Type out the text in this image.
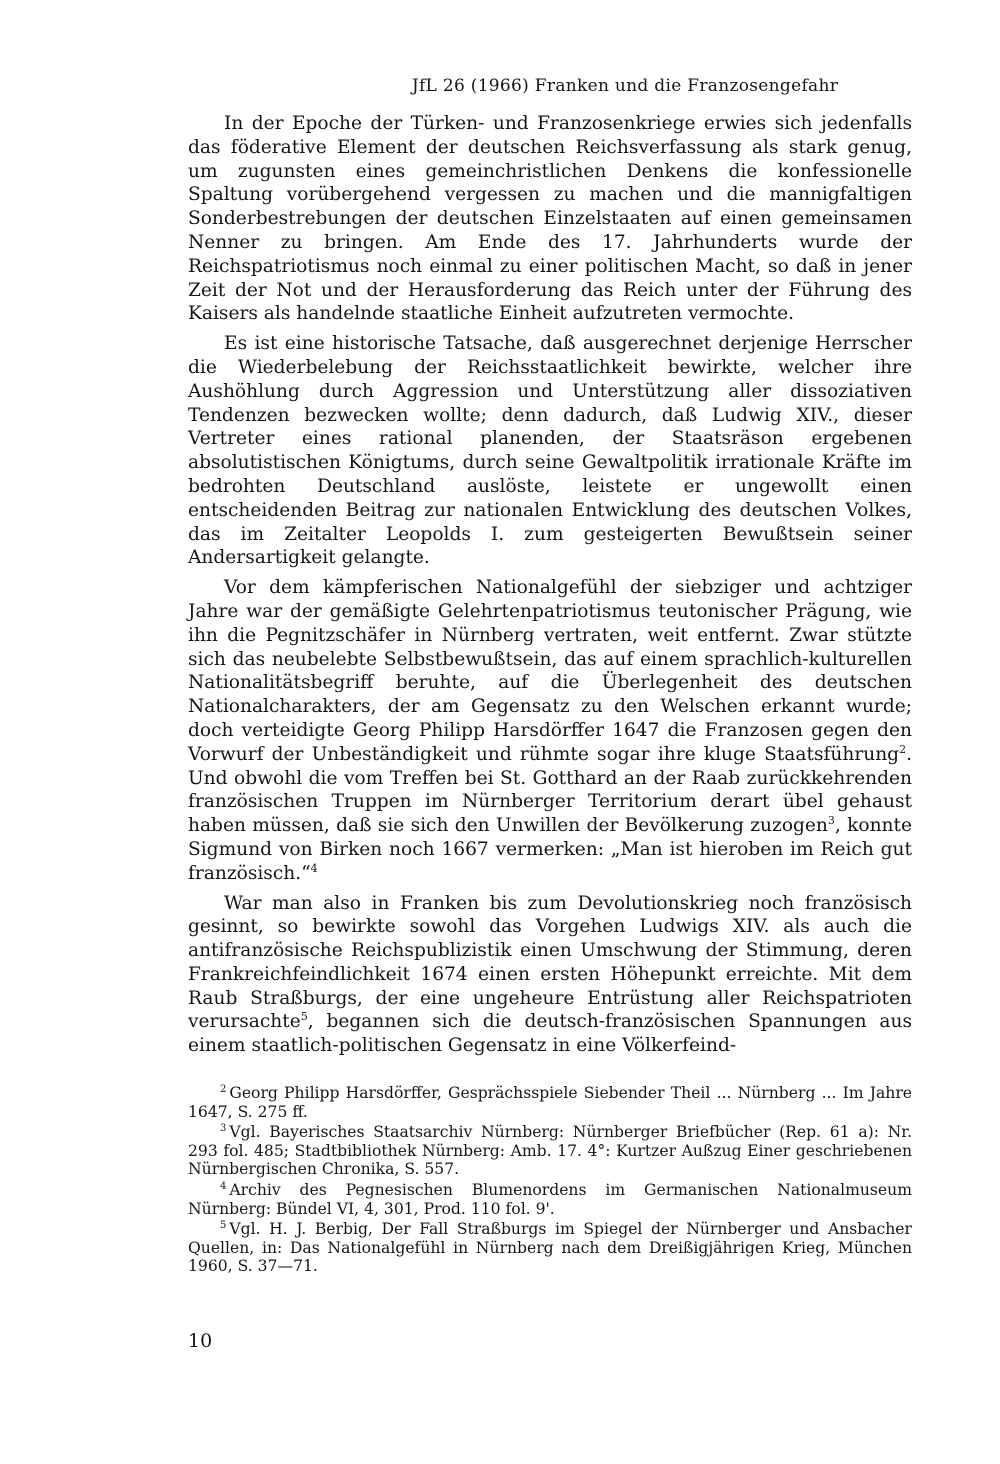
JfL 26 (1966) Franken und die Franzosengefahr

In der Epoche der Türken- und Franzosenkriege erwies sich jedenfalls das föderative Element der deutschen Reichsverfassung als stark genug, um zugunsten eines gemeinchristlichen Denkens die konfessionelle Spaltung vorübergehend vergessen zu machen und die mannigfaltigen Sonderbestrebungen der deutschen Einzelstaaten auf einen gemeinsamen Nenner zu bringen. Am Ende des 17. Jahrhunderts wurde der Reichspatriotismus noch einmal zu einer politischen Macht, so daß in jener Zeit der Not und der Herausforderung das Reich unter der Führung des Kaisers als handelnde staatliche Einheit aufzutreten vermochte.

Es ist eine historische Tatsache, daß ausgerechnet derjenige Herrscher die Wiederbelebung der Reichsstaatlichkeit bewirkte, welcher ihre Aushöhlung durch Aggression und Unterstützung aller dissoziativen Tendenzen bezwecken wollte; denn dadurch, daß Ludwig XIV., dieser Vertreter eines rational planenden, der Staatsräson ergebenen absolutistischen Königtums, durch seine Gewaltpolitik irrationale Kräfte im bedrohten Deutschland auslöste, leistete er ungewollt einen entscheidenden Beitrag zur nationalen Entwicklung des deutschen Volkes, das im Zeitalter Leopolds I. zum gesteigerten Bewußtsein seiner Andersartigkeit gelangte.

Vor dem kämpferischen Nationalgefühl der siebziger und achtziger Jahre war der gemäßigte Gelehrtenpatriotismus teutonischer Prägung, wie ihn die Pegnitzschäfer in Nürnberg vertraten, weit entfernt. Zwar stützte sich das neubelebte Selbstbewußtsein, das auf einem sprachlich-kulturellen Nationalitätsbegriff beruhte, auf die Überlegenheit des deutschen Nationalcharakters, der am Gegensatz zu den Welschen erkannt wurde; doch verteidigte Georg Philipp Harsdörffer 1647 die Franzosen gegen den Vorwurf der Unbeständigkeit und rühmte sogar ihre kluge Staatsführung$^2$. Und obwohl die vom Treffen bei St. Gotthard an der Raab zurückkehrenden französischen Truppen im Nürnberger Territorium derart übel gehaust haben müssen, daß sie sich den Unwillen der Bevölkerung zuzogen$^3$, konnte Sigmund von Birken noch 1667 vermerken: „Man ist hieroben im Reich gut französisch.“$^4$

War man also in Franken bis zum Devolutionskrieg noch französisch gesinnt, so bewirkte sowohl das Vorgehen Ludwigs XIV. als auch die antifranzösische Reichspublizistik einen Umschwung der Stimmung, deren Frankreichfeindlichkeit 1674 einen ersten Höhepunkt erreichte. Mit dem Raub Straßburgs, der eine ungeheure Entrüstung aller Reichspatrioten verursachte$^5$, begannen sich die deutsch-französischen Spannungen aus einem staatlich-politischen Gegensatz in eine Völkerfeind-

$^2$ Georg Philipp Harsdörffer, Gesprächsspiele Siebender Theil ... Nürnberg ... Im Jahre 1647, S. 275 ff.

$^3$ Vgl. Bayerisches Staatsarchiv Nürnberg: Nürnberger Briefbücher (Rep. 61 a): Nr. 293 fol. 485; Stadtbibliothek Nürnberg: Amb. 17. 4°: Kurtzer Außzug Einer geschriebenen Nürnbergischen Chronika, S. 557.

$^4$ Archiv des Pegnesischen Blumenordens im Germanischen Nationalmuseum Nürnberg: Bündel VI, 4, 301, Prod. 110 fol. 9'.

$^5$ Vgl. H. J. Berbig, Der Fall Straßburgs im Spiegel der Nürnberger und Ansbacher Quellen, in: Das Nationalgefühl in Nürnberg nach dem Dreißigjährigen Krieg, München 1960, S. 37—71.

10
